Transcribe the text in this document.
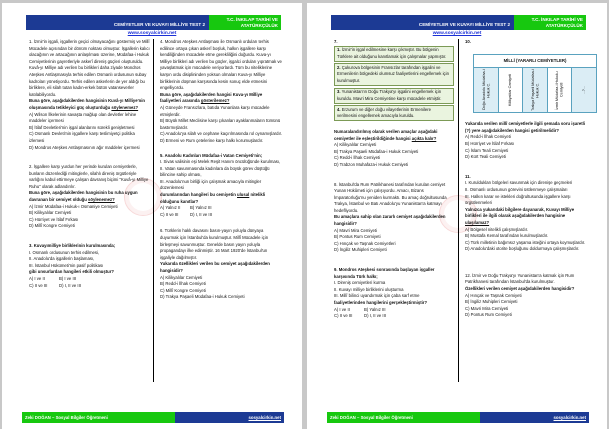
CEMİYETLER VE KUVAYI MİLLİYE TEST 2
T.C. İNKILAP TARİHİ VE
ATATÜRKÇÜLÜK
www.sosyalcirkin.net

1. İzmir'in işgali, işgallerin geçici olmayacağını göstermiş ve Millî Mücadele açısından bir dönüm noktası olmuştur. İşgallerin kalıcı olacağının ve artacağının anlaşılması üzerine, Müdafaa-i Hukuk Cemiyetlerinin gayretleriyle askerî direniş güçleri oluşturuldu. Kuvâ-yı Milliye adı verilen bu birlikleri daha ziyade Mondros Ateşkes Antlaşmasıyla terhis edilen Osmanlı ordusunun subay kadroları yönetiyordu. Terhis edilen askerlerin de yer aldığı bu birliklere, eli silah tutan kadın-erkek bütün vatanseverler katılabiliyordu.

Buna göre, aşağıdakilerden hangisinin Kuvâ-yı Milliye'nin oluşmasında tetikleyici güç oluşturduğu söylenemez?

A) Wilson İlkelerinin savaşta mağlup olan devletler lehine maddeler içermesi

B) İtilaf Devletleri'nin işgal alanlarını sürekli genişletmesi

C) Osmanlı Devleti'nin işgallere karşı teslimiyetçi politika izlemesi

D) Mondros Ateşkes Antlaşmasının ağır maddeler içermesi

2. İşgallere karşı yurdun her yerinde kurulan cemiyetlerle, bunların düzenlediği mitinglerle, silahlı direniş örgütleriyle varlığını kabul ettirmeye çalışan davranış biçimi "Kuvâ-yı Milliye Ruhu" olarak adlandırılır.

Buna göre, aşağıdakilerden hangisinin bu ruha uygun davranan bir cemiyet olduğu söylenemez?

A) İzmir Müdafaa-i Hukuk-ı Osmaniye Cemiyeti

B) Kilikyalılar Cemiyeti

C) Hürriyet ve İtilaf Fırkası

D) Millî Kongre Cemiyeti

3. Kuvayımilliye birliklerinin kurulmasında;

I. Osmanlı ordusunun terhis edilmesi,

II. Anadolu'da işgallerin başlaması,

III. İstanbul Hükümeti'nin pasif politikası

gibi unsurlardan hangileri etkili olmuştur?

A) I ve II	B) I ve III
C) II ve III	D) I, II ve III

4. Mondros Ateşkes Antlaşması ile Osmanlı orduları terhis edilince ortaya çıkan askerî boşluk, halkın işgallere karşı kendiliğinden mücadele etme gerekliliğini doğurdu. Kuva-yı Milliye birlikleri adı verilen bu güçler, işgalci orduları yıpratmak ve yavaşlatmak için mücadele veriyorlardı. Tüm bu niteliklerine karşın ordu disiplininden yoksun olmaları Kuva-yı Milliye birliklerinin düşman karşısında kesin sonuç elde etmesini engelliyordu.

Buna göre, aşağıdakilerden hangisi Kuva-yı Milliye faaliyetleri arasında gösterilemez?

A) Güneyde Fransızlara, batıda Yunanlara karşı mücadele etmişlerdir.

B) Büyük Millet Meclisine karşı çıkanları ayaklanmaların tümünü bastırmışlardır.

C) Anadolu'ya silah ve cephane kaçırılmasında rol oynamışlardır.

D) Ermeni ve Rum çetelerine karşı halkı korumuşlardır.

5. Anadolu Kadınları Müdafaa-i Vatan Cemiyeti'nin;

I. Sivas valisinin eşi Melek Reşit Hanım öncülüğünde kurulması,

II. Vatan savunmasında kadınlara da büyük görev düştüğü bilincine sahip olması,

III. Anadolu'nun birliği için çalışmak amacıyla mitingler düzenlemesi

durumlarından hangileri bu cemiyetin ulusal nitelikli olduğunu kanıtlar?

A) Yalnız II	B) Yalnız III
C) II ve III	D) I, II ve III

6. Türklerin haklı davasını basın-yayın yoluyla dünyaya duyurmak için İstanbul'da kurulmuştur. Millî Mücadele için birleşmeyi savunmuştur. Genelde basın yayın yoluyla propagandayı ilke edinmiştir. 16 Mart 1920'de İstanbul'un işgaliyle dağılmıştır.

Yukarıda özellikleri verilen bu cemiyet aşağıdakilerden hangisidir?

A) Kilikyalılar Cemiyeti

B) Redd-i İlhak Cemiyeti

C) Millî Kongre Cemiyeti

D) Trakya Paşaeli Müdafaa-i Hukuk Cemiyeti

Zeki DOĞAN – Sosyal Bilgiler Öğretmeni	sosyalcirkin.net
CEMİYETLER VE KUVAYI MİLLİYE TEST 2
T.C. İNKILAP TARİHİ VE
ATATÜRKÇÜLÜK
www.sosyalcirkin.net

7.

1. İzmir'in işgal edilmesine karşı çıkmıştır. Bu bölgenin Türklere ait olduğunu kanıtlamak için çalışmalar yapmıştır.
2. Çukurova bölgesinin Fransızlar tarafından işgalini ve Ermenilerin bölgedeki olumsuz faaliyetlerini engellemek için kurulmuştur.
3. Yunanistan'ın Doğu Trakya'yı işgalini engellemek için kuruldu. Mavri Mira Cemiyetine karşı mücadele etmiştir.
4. Erzurum ve diğer doğu vilayetlerinin Ermenilere verilmesini engellemek amacıyla kuruldu.

Numaralandırılmış olarak verilen amaçlar aşağıdaki cemiyetler ile eşleştirildiğinde hangisi açıkta kalır?

A) Kilikyalılar Cemiyeti

B) Trakya Paşaeli Müdafaa-i Hukuk Cemiyeti

C) Redd-i İlhak Cemiyeti

D) Trabzon Muhafaza-i Hukuk Cemiyeti

8. İstanbul'da Rum Patrikhanesi tarafından kurulan cemiyet Yunan Hükûmeti için çalışıyordu. Amacı, Bizans İmparatorluğu'nu yeniden kurmaktı. Bu amaç doğrultusunda Trakya, İstanbul ve Batı Anadolu'yu Yunanistan'a katmayı hedefliyordu.

Bu amaçlara sahip olan zararlı cemiyet aşağıdakilerden hangisidir?

A) Mavri Mira Cemiyeti

B) Pontus Rum Cemiyeti

C) Hınçak ve Taşnak Cemiyetleri

D) İngiliz Muhipleri Cemiyeti

9. Mondros Ateşkesi sonrasında başlayan işgaller karşısında Türk halkı;

I. Direniş cemiyetleri kurma

II. Kuvayı milliye birliklerini oluşturma

III. Millî bilinci uyandırmak için çaba sarf etme

faaliyetlerinden hangilerini gerçekleştirmiştir?

A) I ve II	B) Yalnız III
C) II ve III	D) I, II ve III

10.

MİLLİ (YARARLI CEMİYETLER)
Doğu Anadolu Müdafaa-i Hukuk C.	Kilikyalılar Cemiyeti	Trakya Paşaeli Müdafaa-i Hukuk C.	İzmir Müdafaa-i Hukuk-ı Cemiyeti	...?...

Yukarıda verilen millî cemiyetlerle ilgili şemada soru işaretli (?) yere aşağıdakilerden hangisi getirilmelidir?

A) Redd-i İlhak Cemiyeti

B) Hürriyet ve İtilaf Fırkası

C) İslam Teali Cemiyeti

D) Kürt Teali Cemiyeti

11.

I. Kuruldukları bölgeleri savunmak için direnişe geçmeleri

II. Osmanlı ordusunun görevini üstlenmeye çalışmaları

III. Halkın karar ve istekleri doğrultusunda işgallere karşı örgütlenmeleri

Yalnızca yukarıdaki bilgilere dayanarak, Kuvayı Milliye birlikleri ile ilgili olarak aşağıdakilerden hangisine ulaşılamaz?

A) Bölgesel nitelikli çalışmışlardır.

B) Mustafa Kemal tarafından kurulmuşlardır.

C) Türk milletinin bağımsız yaşama isteğini ortaya koymuşlardır.

D) Anadolu'daki otorite boşluğunu doldurmaya çalışmışlardır.

12. İzmir ve Doğu Trakya'yı Yunanistan'a katmak için Rum Patrikhanesi tarafından İstanbul'da kurulmuştur.

Özellikleri verilen cemiyet aşağıdakilerden hangisidir?

A) Hınçak ve Taşnak Cemiyeti

B) İngiliz Muhipleri Cemiyeti

C) Mavri Mira Cemiyeti

D) Pontus Rum Cemiyeti

Zeki DOĞAN – Sosyal Bilgiler Öğretmeni	sosyalcirkin.net
